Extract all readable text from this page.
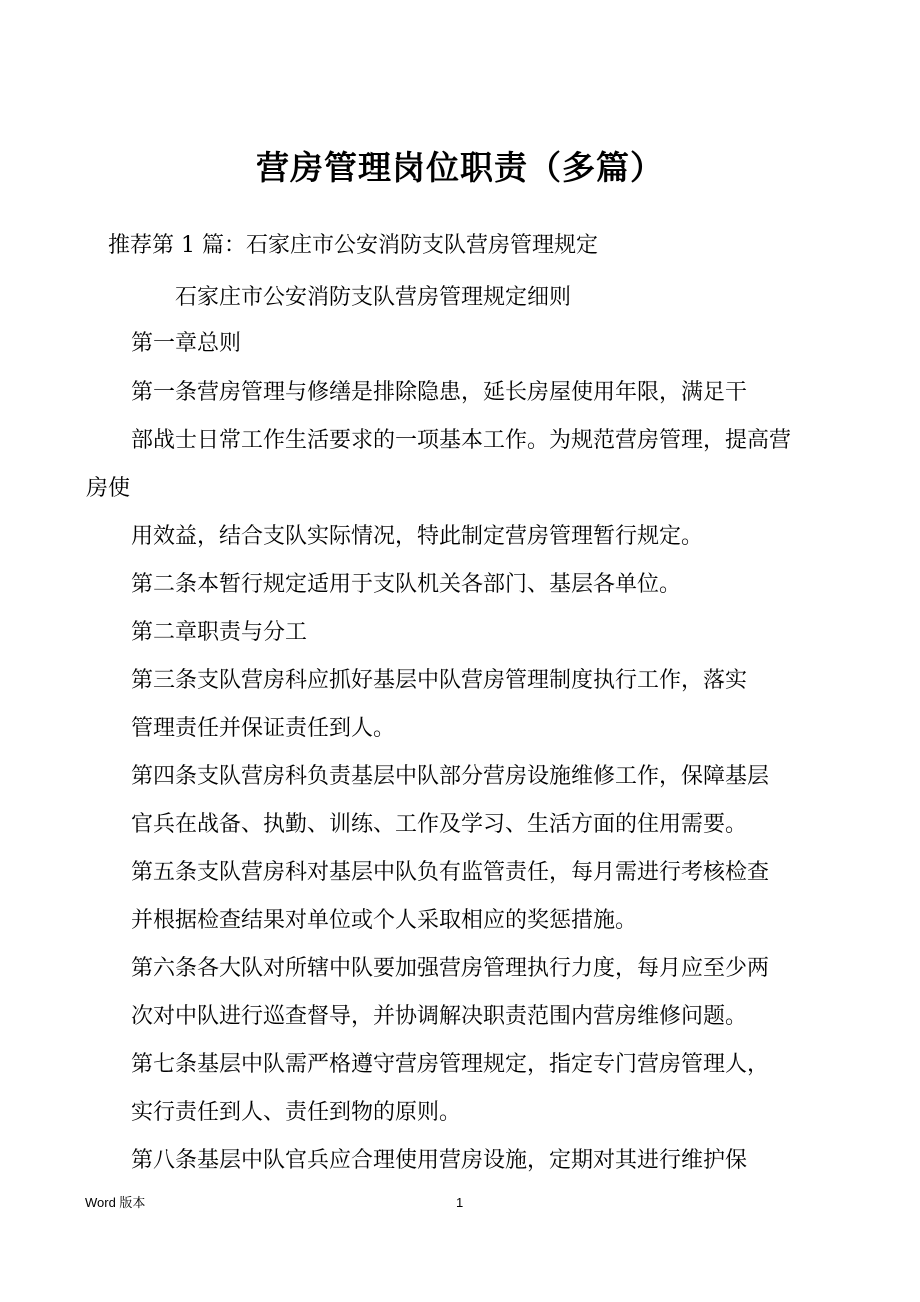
营房管理岗位职责（多篇）

推荐第 1 篇：石家庄市公安消防支队营房管理规定

石家庄市公安消防支队营房管理规定细则

第一章总则

第一条营房管理与修缮是排除隐患，延长房屋使用年限，满足干

部战士日常工作生活要求的一项基本工作。为规范营房管理，提高营

房使

用效益，结合支队实际情况，特此制定营房管理暂行规定。

第二条本暂行规定适用于支队机关各部门、基层各单位。

第二章职责与分工

第三条支队营房科应抓好基层中队营房管理制度执行工作，落实

管理责任并保证责任到人。

第四条支队营房科负责基层中队部分营房设施维修工作，保障基层

官兵在战备、执勤、训练、工作及学习、生活方面的住用需要。

第五条支队营房科对基层中队负有监管责任，每月需进行考核检查

并根据检查结果对单位或个人采取相应的奖惩措施。

第六条各大队对所辖中队要加强营房管理执行力度，每月应至少两

次对中队进行巡查督导，并协调解决职责范围内营房维修问题。

第七条基层中队需严格遵守营房管理规定，指定专门营房管理人，

实行责任到人、责任到物的原则。

第八条基层中队官兵应合理使用营房设施，定期对其进行维护保

Word 版本	1
